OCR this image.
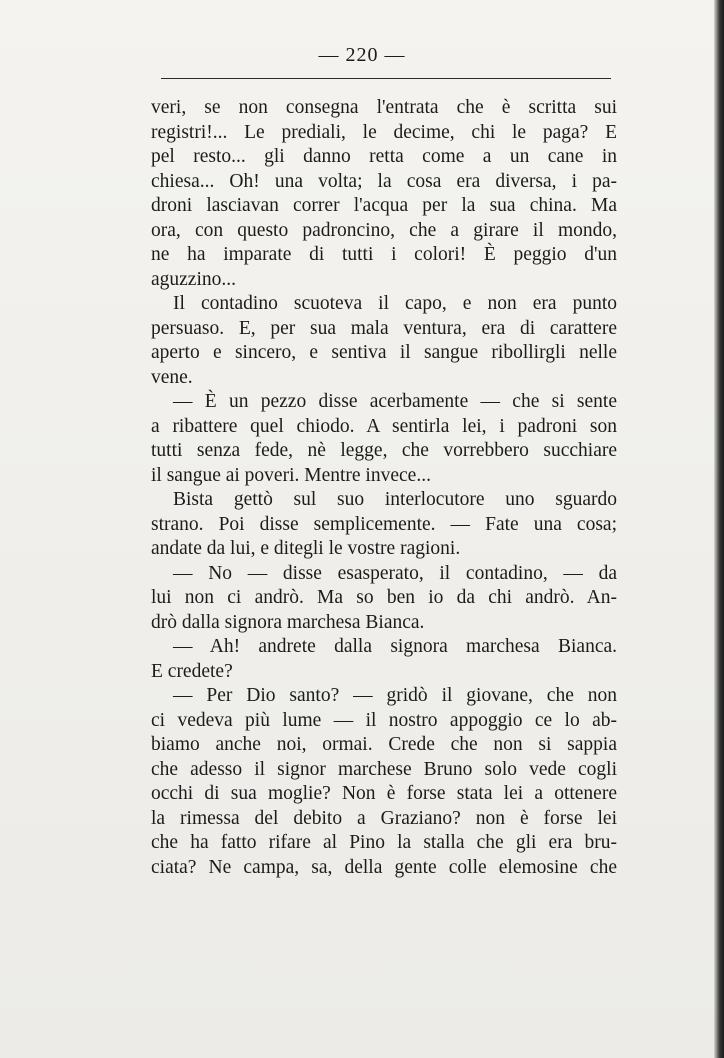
— 220 —
veri, se non consegna l'entrata che è scritta sui
registri!... Le prediali, le decime, chi le paga? E
pel resto... gli danno retta come a un cane in
chiesa... Oh! una volta; la cosa era diversa, i pa-
droni lasciavan correr l'acqua per la sua china. Ma
ora, con questo padroncino, che a girare il mondo,
ne ha imparate di tutti i colori! È peggio d'un
aguzzino...
Il contadino scuoteva il capo, e non era punto
persuaso. E, per sua mala ventura, era di carattere
aperto e sincero, e sentiva il sangue ribollirgli nelle
vene.
— È un pezzo disse acerbamente — che si sente
a ribattere quel chiodo. A sentirla lei, i padroni son
tutti senza fede, nè legge, che vorrebbero succhiare
il sangue ai poveri. Mentre invece...
Bista gettò sul suo interlocutore uno sguardo
strano. Poi disse semplicemente. — Fate una cosa;
andate da lui, e ditegli le vostre ragioni.
— No — disse esasperato, il contadino, — da
lui non ci andrò. Ma so ben io da chi andrò. An-
drò dalla signora marchesa Bianca.
— Ah! andrete dalla signora marchesa Bianca.
E credete?
— Per Dio santo? — gridò il giovane, che non
ci vedeva più lume — il nostro appoggio ce lo ab-
biamo anche noi, ormai. Crede che non si sappia
che adesso il signor marchese Bruno solo vede cogli
occhi di sua moglie? Non è forse stata lei a ottenere
la rimessa del debito a Graziano? non è forse lei
che ha fatto rifare al Pino la stalla che gli era bru-
ciata? Ne campa, sa, della gente colle elemosine che
